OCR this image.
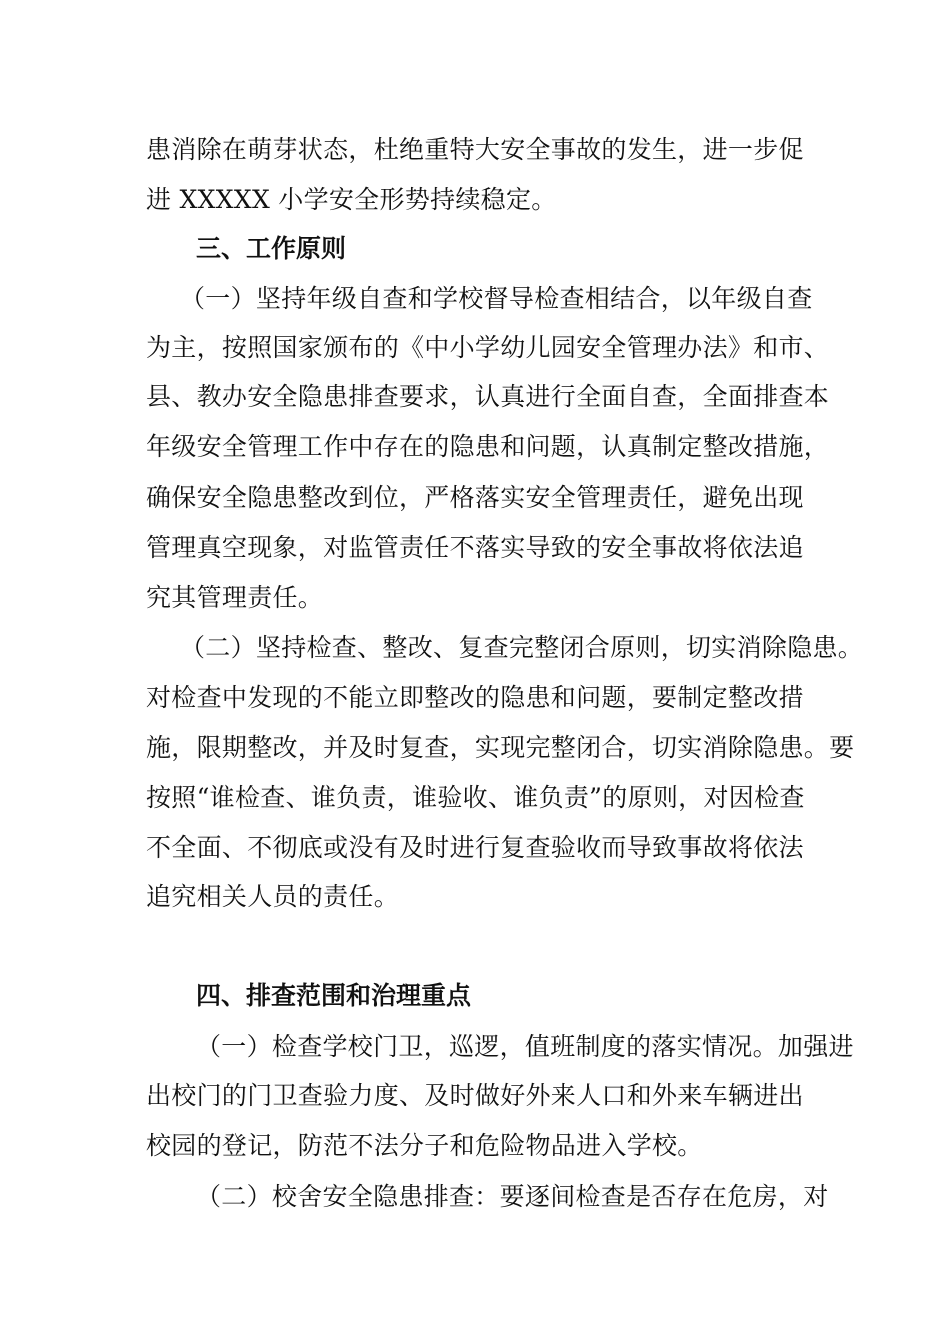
患消除在萌芽状态，杜绝重特大安全事故的发生，进一步促
进 XXXXX 小学安全形势持续稳定。
三、工作原则
（一）坚持年级自查和学校督导检查相结合，以年级自查
为主，按照国家颁布的《中小学幼儿园安全管理办法》和市、
县、教办安全隐患排查要求，认真进行全面自查，全面排查本
年级安全管理工作中存在的隐患和问题，认真制定整改措施，
确保安全隐患整改到位，严格落实安全管理责任，避免出现
管理真空现象，对监管责任不落实导致的安全事故将依法追
究其管理责任。
（二）坚持检查、整改、复查完整闭合原则，切实消除隐患。
对检查中发现的不能立即整改的隐患和问题，要制定整改措
施，限期整改，并及时复查，实现完整闭合，切实消除隐患。要
按照“谁检查、谁负责，谁验收、谁负责”的原则，对因检查
不全面、不彻底或没有及时进行复查验收而导致事故将依法
追究相关人员的责任。
四、排查范围和治理重点
（一）检查学校门卫，巡逻，值班制度的落实情况。加强进
出校门的门卫查验力度、及时做好外来人口和外来车辆进出
校园的登记，防范不法分子和危险物品进入学校。
（二）校舍安全隐患排查：要逐间检查是否存在危房，对
